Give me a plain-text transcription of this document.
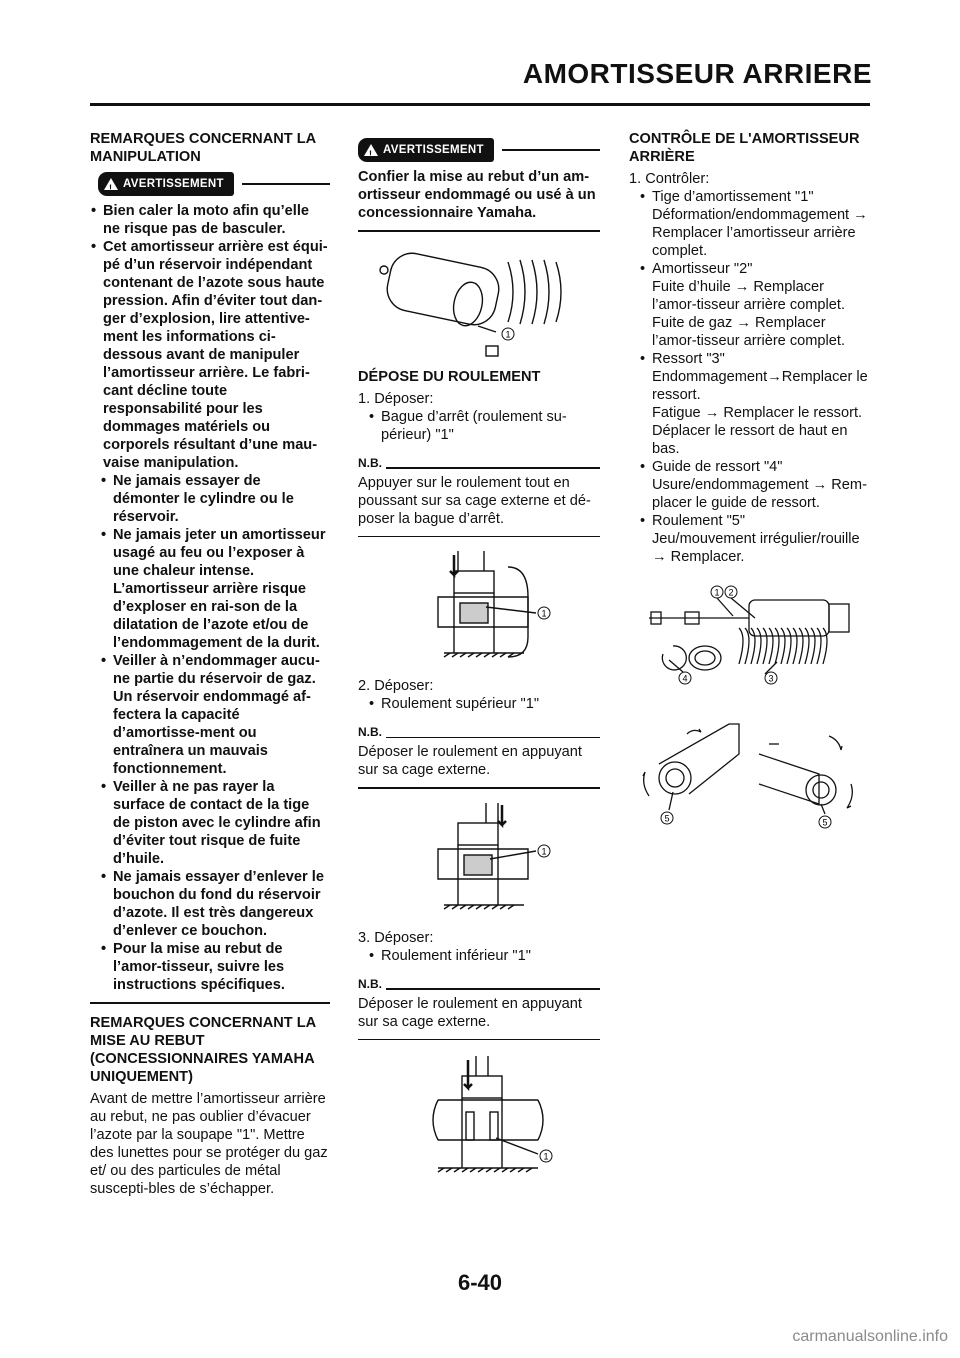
AMORTISSEUR ARRIERE
REMARQUES CONCERNANT LA MANIPULATION
! AVERTISSEMENT
• Bien caler la moto afin qu’elle ne risque pas de basculer.
• Cet amortisseur arrière est équi-pé d’un réservoir indépendant contenant de l’azote sous haute pression. Afin d’éviter tout dan-ger d’explosion, lire attentive-ment les informations ci-dessous avant de manipuler l’amortisseur arrière. Le fabri-cant décline toute responsabilité pour les dommages matériels ou corporels résultant d’une mau-vaise manipulation.
• Ne jamais essayer de démonter le cylindre ou le réservoir.
• Ne jamais jeter un amortisseur usagé au feu ou l’exposer à une chaleur intense. L’amortisseur arrière risque d’exploser en rai-son de la dilatation de l’azote et/ou de l’endommagement de la durit.
• Veiller à n’endommager aucu-ne partie du réservoir de gaz. Un réservoir endommagé af-fectera la capacité d’amortisse-ment ou entraînera un mauvais fonctionnement.
• Veiller à ne pas rayer la surface de contact de la tige de piston avec le cylindre afin d’éviter tout risque de fuite d’huile.
• Ne jamais essayer d’enlever le bouchon du fond du réservoir d’azote. Il est très dangereux d’enlever ce bouchon.
• Pour la mise au rebut de l’amor-tisseur, suivre les instructions spécifiques.
REMARQUES CONCERNANT LA MISE AU REBUT (CONCESSIONNAIRES YAMAHA UNIQUEMENT)
Avant de mettre l’amortisseur arrière au rebut, ne pas oublier d’évacuer l’azote par la soupape "1". Mettre des lunettes pour se protéger du gaz et/ ou des particules de métal suscepti-bles de s’échapper.
! AVERTISSEMENT
Confier la mise au rebut d’un am-ortisseur endommagé ou usé à un concessionnaire Yamaha.
1
DÉPOSE DU ROULEMENT
1. Déposer:
• Bague d’arrêt (roulement su-périeur) "1"
N.B.
Appuyer sur le roulement tout en poussant sur sa cage externe et dé-poser la bague d’arrêt.
1
2. Déposer:
• Roulement supérieur "1"
N.B.
Déposer le roulement en appuyant sur sa cage externe.
1
3. Déposer:
• Roulement inférieur "1"
N.B.
Déposer le roulement en appuyant sur sa cage externe.
1
CONTRÔLE DE L'AMORTISSEUR ARRIÈRE
1. Contrôler:
• Tige d’amortissement "1"
Déformation/endommagement → Remplacer l’amortisseur arrière complet.
• Amortisseur "2"
Fuite d’huile → Remplacer l’amor-tisseur arrière complet.
Fuite de gaz → Remplacer l’amor-tisseur arrière complet.
• Ressort "3"
Endommagement→Remplacer le ressort.
Fatigue → Remplacer le ressort. Déplacer le ressort de haut en bas.
• Guide de ressort "4"
Usure/endommagement → Rem-placer le guide de ressort.
• Roulement "5"
Jeu/mouvement irrégulier/rouille → Remplacer.
1 2
3
4
5	5
6-40
carmanualsonline.info
